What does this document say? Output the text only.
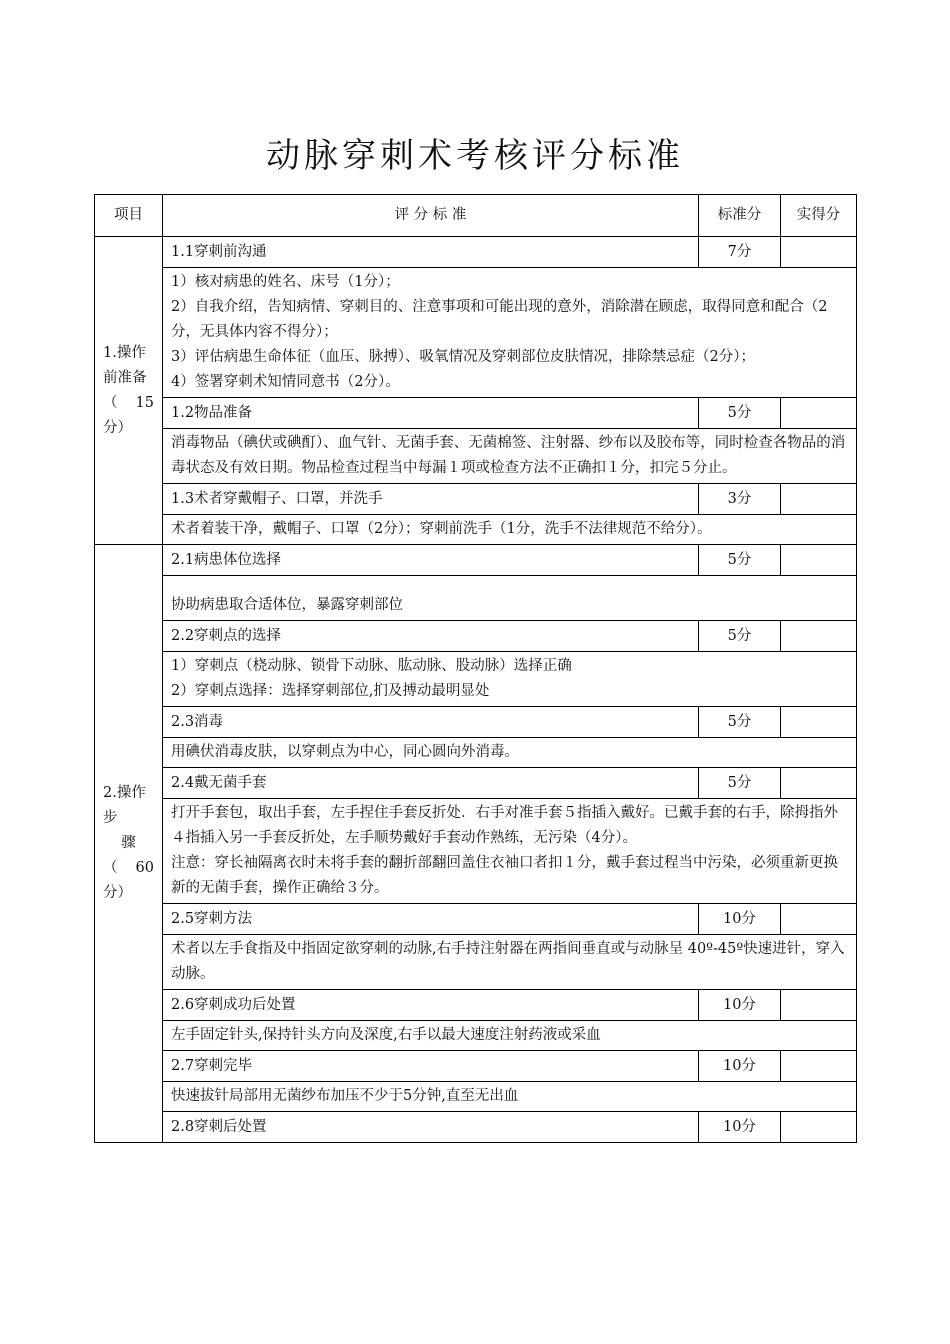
动脉穿刺术考核评分标准
项目	评 分 标 准	标准分	实得分

1.操作
前准备
（ 15
分）	1.1穿刺前沟通	7分	

	1）核对病患的姓名、床号（1分）；
2）自我介绍，告知病情、穿刺目的、注意事项和可能出现的意外，消除潜在顾虑，取得同意和配合（2分，无具体内容不得分）；
3）评估病患生命体征（血压、脉搏）、吸氧情况及穿刺部位皮肤情况，排除禁忌症（2分）；
4）签署穿刺术知情同意书（2分）。		

	1.2物品准备	5分	
	消毒物品（碘伏或碘酊）、血气针、无菌手套、无菌棉签、注射器、纱布以及胶布等，同时检查各物品的消毒状态及有效日期。物品检查过程当中每漏１项或检查方法不正确扣１分，扣完５分止。		
	1.3术者穿戴帽子、口罩，并洗手	3分	
	术者着装干净，戴帽子、口罩（2分）；穿刺前洗手（1分，洗手不法律规范不给分）。		

2.操作步
骤
（ 60
分）	2.1病患体位选择	5分	
	协助病患取合适体位，暴露穿刺部位		
	2.2穿刺点的选择	5分	

	1）穿刺点（桡动脉、锁骨下动脉、肱动脉、股动脉）选择正确
2）穿刺点选择：选择穿刺部位,扪及搏动最明显处		

	2.3消毒	5分	
	用碘伏消毒皮肤，以穿刺点为中心，同心圆向外消毒。		
	2.4戴无菌手套	5分	

	打开手套包，取出手套，左手捏住手套反折处．右手对准手套５指插入戴好。已戴手套的右手，除拇指外４指插入另一手套反折处，左手顺势戴好手套动作熟练，无污染（4分）。
注意：穿长袖隔离衣时未将手套的翻折部翻回盖住衣袖口者扣１分，戴手套过程当中污染，必须重新更换新的无菌手套，操作正确给３分。		

	2.5穿刺方法	10分	
	术者以左手食指及中指固定欲穿刺的动脉,右手持注射器在两指间垂直或与动脉呈 40º-45º快速进针，穿入动脉。		
	2.6穿刺成功后处置	10分	
	左手固定针头,保持针头方向及深度,右手以最大速度注射药液或采血		
	2.7穿刺完毕	10分	
	快速拔针局部用无菌纱布加压不少于5分钟,直至无出血		
	2.8穿刺后处置	10分	
